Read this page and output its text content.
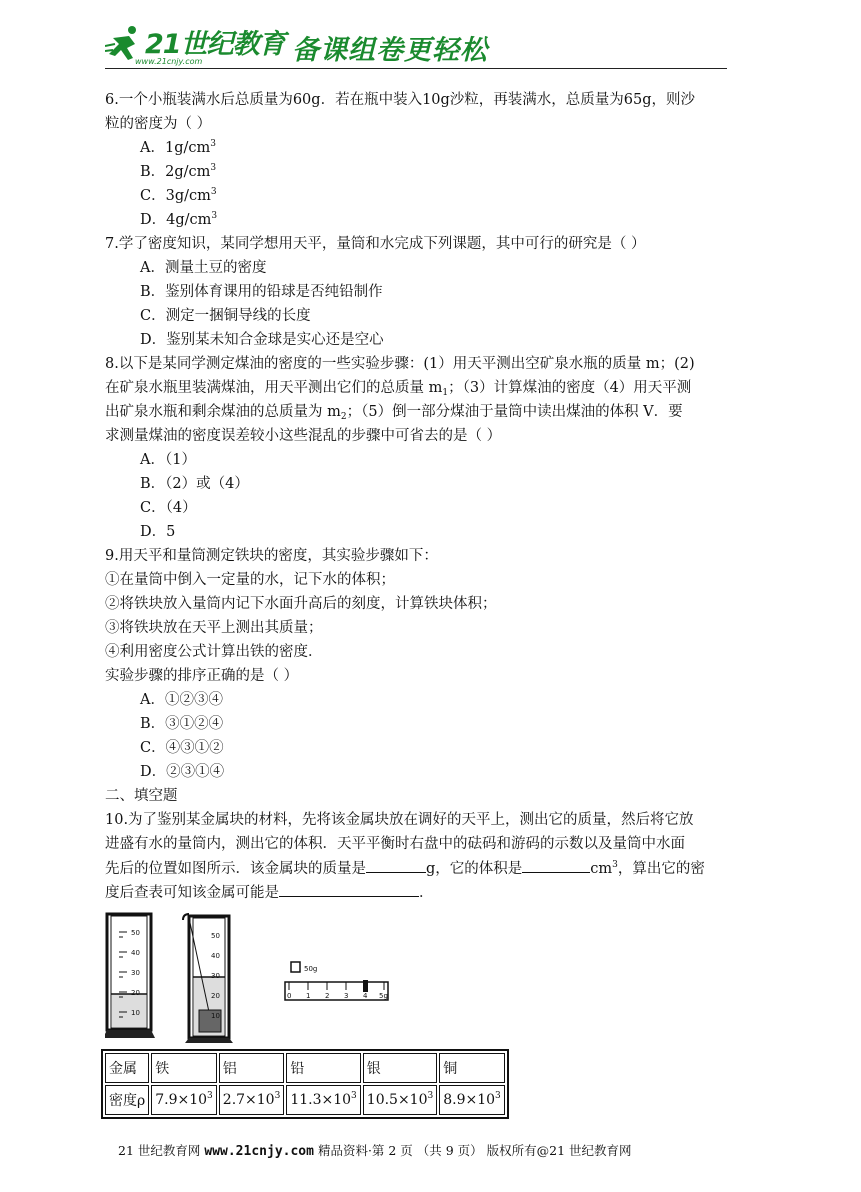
21世纪教育
www.21cnjy.com	备课组卷更轻松
6.一个小瓶装满水后总质量为60g．若在瓶中装入10g沙粒，再装满水，总质量为65g，则沙
粒的密度为（ ）
A．$1g/cm^3$
B．$2g/cm^3$
C．$3g/cm^3$
D．$4g/cm^3$
7.学了密度知识，某同学想用天平，量筒和水完成下列课题，其中可行的研究是（ ）
A．测量土豆的密度
B．鉴别体育课用的铅球是否纯铅制作
C．测定一捆铜导线的长度
D．鉴别某未知合金球是实心还是空心
8.以下是某同学测定煤油的密度的一些实验步骤：(1）用天平测出空矿泉水瓶的质量 m；(2)
在矿泉水瓶里装满煤油，用天平测出它们的总质量 $m_1$；（3）计算煤油的密度（4）用天平测
出矿泉水瓶和剩余煤油的总质量为 $m_2$；（5）倒一部分煤油于量筒中读出煤油的体积 V．要
求测量煤油的密度误差较小这些混乱的步骤中可省去的是（ ）
A．（1）
B．（2）或（4）
C．（4）
D．5
9.用天平和量筒测定铁块的密度，其实验步骤如下：
①在量筒中倒入一定量的水，记下水的体积；
②将铁块放入量筒内记下水面升高后的刻度，计算铁块体积；
③将铁块放在天平上测出其质量；
④利用密度公式计算出铁的密度．
实验步骤的排序正确的是（ ）
A．①②③④
B．③①②④
C．④③①②
D．②③①④
二、填空题
10.为了鉴别某金属块的材料，先将该金属块放在调好的天平上，测出它的质量，然后将它放
进盛有水的量筒内，测出它的体积．天平平衡时右盘中的砝码和游码的示数以及量筒中水面
先后的位置如图所示．该金属块的质量是	g，它的体积是	$cm^3$，算出它的密
度后查表可知该金属可能是	．
50
40
30
20
10
50
40
30
20
10
50g
0 1 2 3 4 5g
金属	铁	铝	铅	银	铜
密度ρ	$7.9\times 10^3$	$2.7\times 10^3$	$11.3\times 10^3$	$10.5\times 10^3$	$8.9\times 10^3$
21 世纪教育网 www.21cnjy.com 精品资料·第 2 页 （共 9 页） 版权所有@21 世纪教育网
